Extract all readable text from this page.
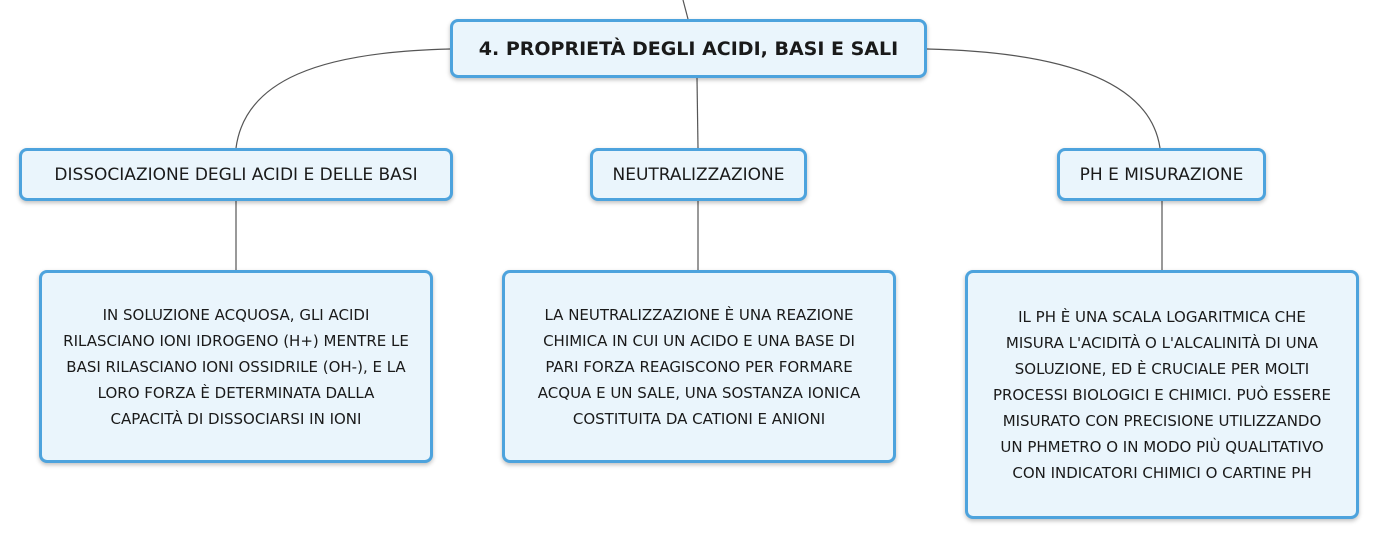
4. PROPRIETÀ DEGLI ACIDI, BASI E SALI
DISSOCIAZIONE DEGLI ACIDI E DELLE BASI	NEUTRALIZZAZIONE	PH E MISURAZIONE
IN SOLUZIONE ACQUOSA, GLI ACIDI
RILASCIANO IONI IDROGENO (H+) MENTRE LE
BASI RILASCIANO IONI OSSIDRILE (OH-), E LA
LORO FORZA È DETERMINATA DALLA
CAPACITÀ DI DISSOCIARSI IN IONI
LA NEUTRALIZZAZIONE È UNA REAZIONE
CHIMICA IN CUI UN ACIDO E UNA BASE DI
PARI FORZA REAGISCONO PER FORMARE
ACQUA E UN SALE, UNA SOSTANZA IONICA
COSTITUITA DA CATIONI E ANIONI
IL PH È UNA SCALA LOGARITMICA CHE
MISURA L'ACIDITÀ O L'ALCALINITÀ DI UNA
SOLUZIONE, ED È CRUCIALE PER MOLTI
PROCESSI BIOLOGICI E CHIMICI. PUÒ ESSERE
MISURATO CON PRECISIONE UTILIZZANDO
UN PHMETRO O IN MODO PIÙ QUALITATIVO
CON INDICATORI CHIMICI O CARTINE PH
